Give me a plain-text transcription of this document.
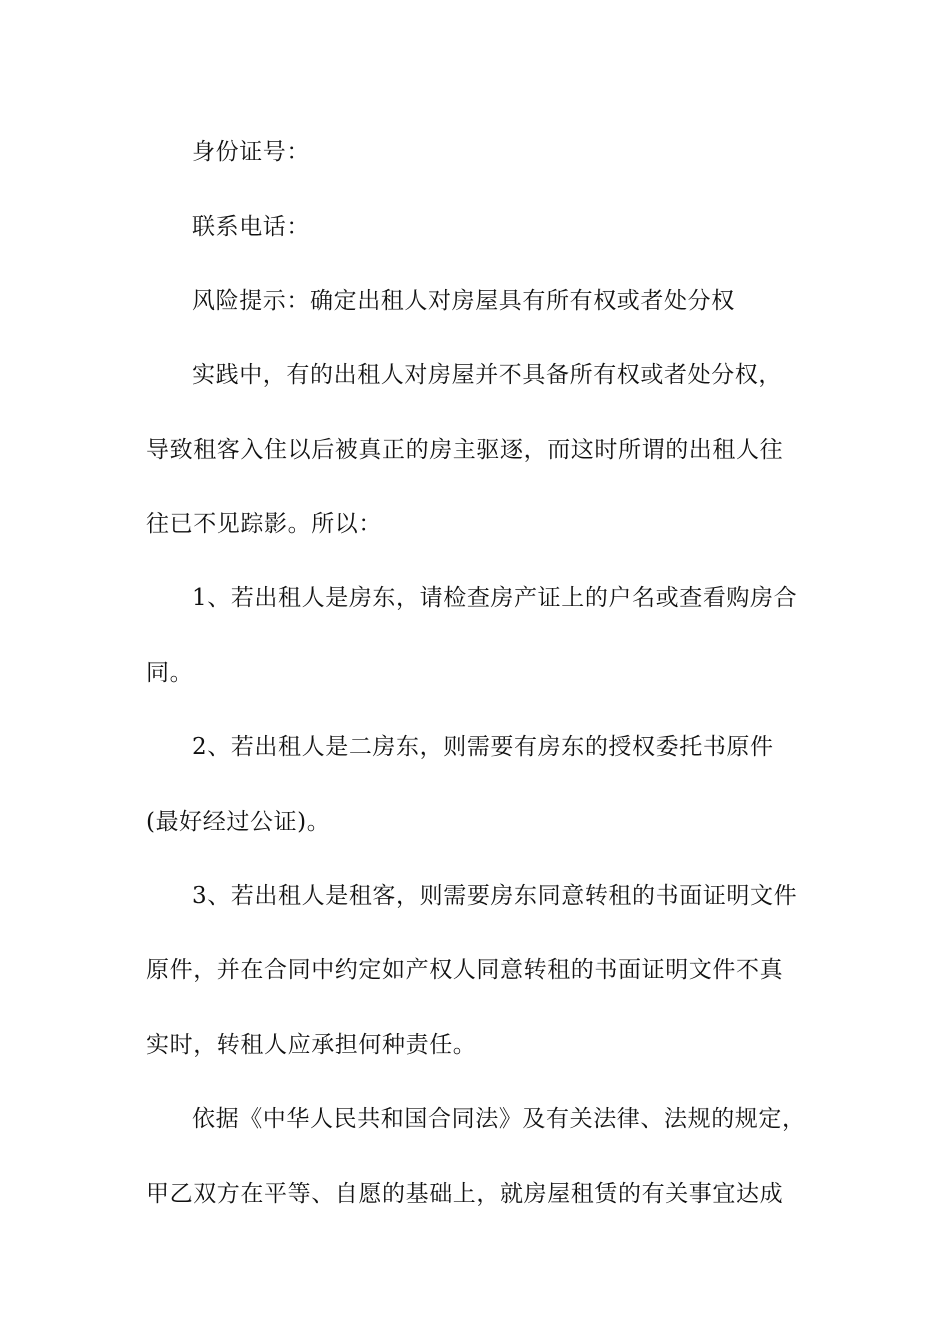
身份证号：
联系电话：
风险提示：确定出租人对房屋具有所有权或者处分权
实践中，有的出租人对房屋并不具备所有权或者处分权，
导致租客入住以后被真正的房主驱逐，而这时所谓的出租人往
往已不见踪影。所以：
1、若出租人是房东，请检查房产证上的户名或查看购房合
同。
2、若出租人是二房东，则需要有房东的授权委托书原件
(最好经过公证)。
3、若出租人是租客，则需要房东同意转租的书面证明文件
原件，并在合同中约定如产权人同意转租的书面证明文件不真
实时，转租人应承担何种责任。
依据《中华人民共和国合同法》及有关法律、法规的规定，
甲乙双方在平等、自愿的基础上，就房屋租赁的有关事宜达成
